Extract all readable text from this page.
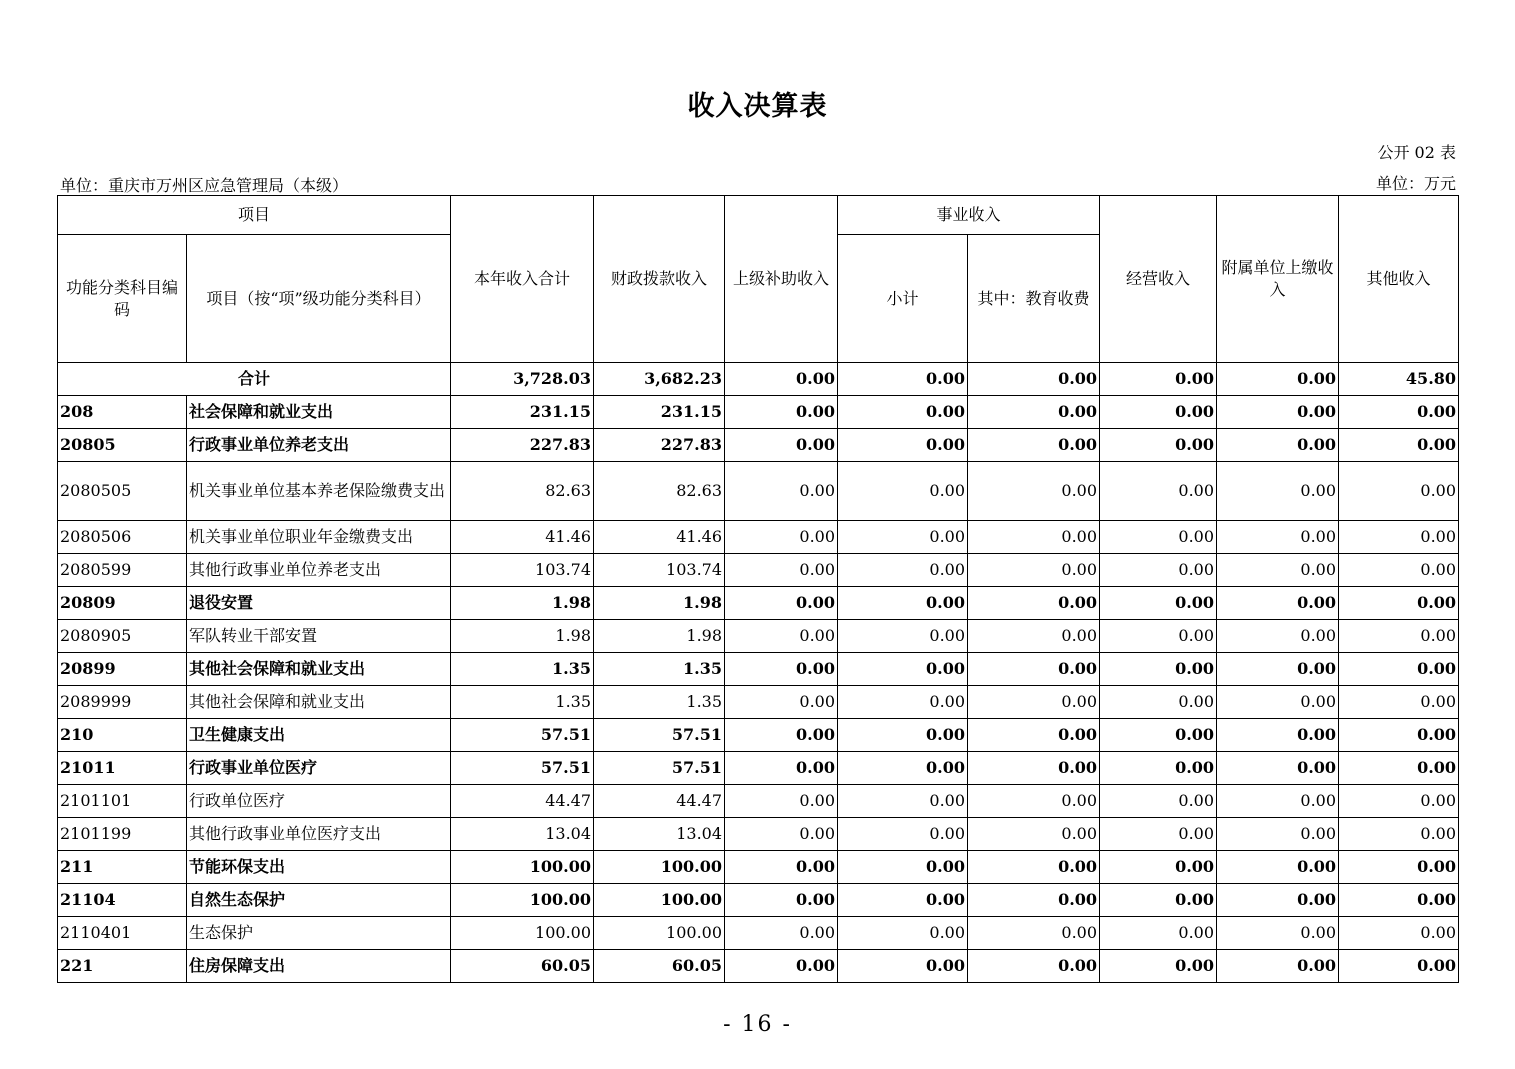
收入决算表
公开 02 表
单位：重庆市万州区应急管理局（本级）	单位：万元
项目		本年收入合计	财政拨款收入	上级补助收入	事业收入		经营收入	附属单位上缴收入	其他收入
功能分类科目编码	项目（按“项”级功能分类科目）				小计	其中：教育收费			
合计		3,728.03	3,682.23	0.00	0.00	0.00	0.00	0.00	45.80
208	社会保障和就业支出	231.15	231.15	0.00	0.00	0.00	0.00	0.00	0.00
20805	行政事业单位养老支出	227.83	227.83	0.00	0.00	0.00	0.00	0.00	0.00
2080505	机关事业单位基本养老保险缴费支出	82.63	82.63	0.00	0.00	0.00	0.00	0.00	0.00
2080506	机关事业单位职业年金缴费支出	41.46	41.46	0.00	0.00	0.00	0.00	0.00	0.00
2080599	其他行政事业单位养老支出	103.74	103.74	0.00	0.00	0.00	0.00	0.00	0.00
20809	退役安置	1.98	1.98	0.00	0.00	0.00	0.00	0.00	0.00
2080905	军队转业干部安置	1.98	1.98	0.00	0.00	0.00	0.00	0.00	0.00
20899	其他社会保障和就业支出	1.35	1.35	0.00	0.00	0.00	0.00	0.00	0.00
2089999	其他社会保障和就业支出	1.35	1.35	0.00	0.00	0.00	0.00	0.00	0.00
210	卫生健康支出	57.51	57.51	0.00	0.00	0.00	0.00	0.00	0.00
21011	行政事业单位医疗	57.51	57.51	0.00	0.00	0.00	0.00	0.00	0.00
2101101	行政单位医疗	44.47	44.47	0.00	0.00	0.00	0.00	0.00	0.00
2101199	其他行政事业单位医疗支出	13.04	13.04	0.00	0.00	0.00	0.00	0.00	0.00
211	节能环保支出	100.00	100.00	0.00	0.00	0.00	0.00	0.00	0.00
21104	自然生态保护	100.00	100.00	0.00	0.00	0.00	0.00	0.00	0.00
2110401	生态保护	100.00	100.00	0.00	0.00	0.00	0.00	0.00	0.00
221	住房保障支出	60.05	60.05	0.00	0.00	0.00	0.00	0.00	0.00
- 16 -
